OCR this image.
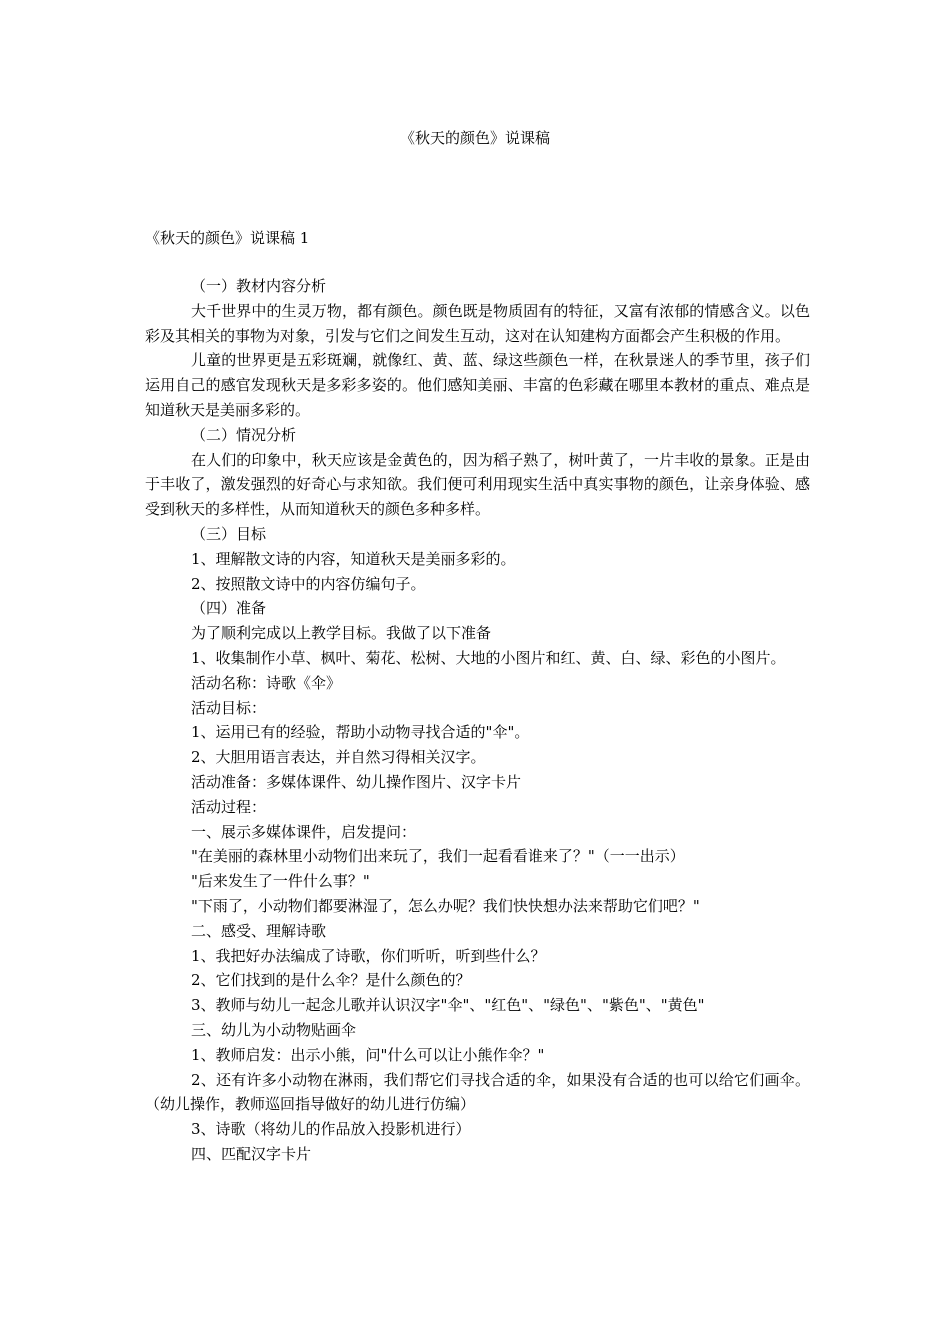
《秋天的颜色》说课稿
《秋天的颜色》说课稿 1

（一）教材内容分析

大千世界中的生灵万物，都有颜色。颜色既是物质固有的特征，又富有浓郁的情感含义。以色彩及其相关的事物为对象，引发与它们之间发生互动，这对在认知建构方面都会产生积极的作用。

儿童的世界更是五彩斑斓，就像红、黄、蓝、绿这些颜色一样，在秋景迷人的季节里，孩子们运用自己的感官发现秋天是多彩多姿的。他们感知美丽、丰富的色彩藏在哪里本教材的重点、难点是知道秋天是美丽多彩的。

（二）情况分析

在人们的印象中，秋天应该是金黄色的，因为稻子熟了，树叶黄了，一片丰收的景象。正是由于丰收了，激发强烈的好奇心与求知欲。我们便可利用现实生活中真实事物的颜色，让亲身体验、感受到秋天的多样性，从而知道秋天的颜色多种多样。

（三）目标

1、理解散文诗的内容，知道秋天是美丽多彩的。

2、按照散文诗中的内容仿编句子。

（四）准备

为了顺利完成以上教学目标。我做了以下准备

1、收集制作小草、枫叶、菊花、松树、大地的小图片和红、黄、白、绿、彩色的小图片。

活动名称：诗歌《伞》

活动目标：

1、运用已有的经验，帮助小动物寻找合适的"伞"。

2、大胆用语言表达，并自然习得相关汉字。

活动准备：多媒体课件、幼儿操作图片、汉字卡片

活动过程：

一、展示多媒体课件，启发提问：

"在美丽的森林里小动物们出来玩了，我们一起看看谁来了？"（一一出示）

"后来发生了一件什么事？"

"下雨了，小动物们都要淋湿了，怎么办呢？我们快快想办法来帮助它们吧？"

二、感受、理解诗歌

1、我把好办法编成了诗歌，你们听听，听到些什么？

2、它们找到的是什么伞？是什么颜色的？

3、教师与幼儿一起念儿歌并认识汉字"伞"、"红色"、"绿色"、"紫色"、"黄色"

三、幼儿为小动物贴画伞

1、教师启发：出示小熊，问"什么可以让小熊作伞？"

2、还有许多小动物在淋雨，我们帮它们寻找合适的伞，如果没有合适的也可以给它们画伞。（幼儿操作，教师巡回指导做好的幼儿进行仿编）

3、诗歌（将幼儿的作品放入投影机进行）

四、匹配汉字卡片
